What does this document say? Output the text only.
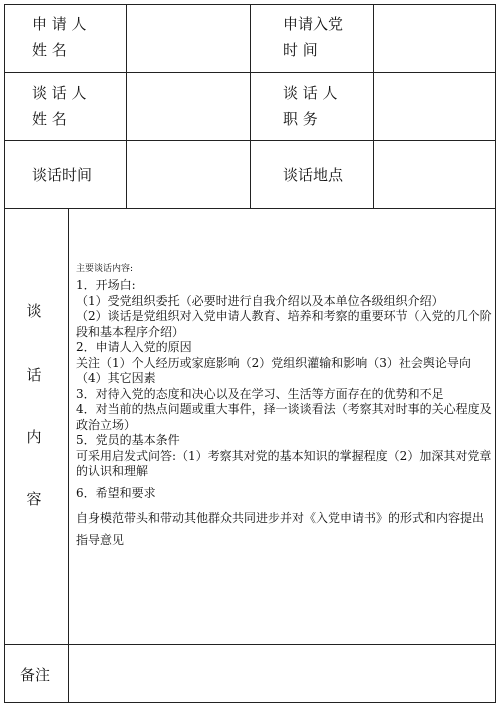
申 请 人
姓 名
申请入党
时 间
谈 话 人
姓 名
谈 话 人
职 务
谈话时间	谈话地点
谈
话
内
容
主要谈话内容:

1．开场白:

（1）受党组织委托（必要时进行自我介绍以及本单位各级组织介绍）

（2）谈话是党组织对入党申请人教育、培养和考察的重要环节（入党的几个阶段和基本程序介绍）

2．申请人入党的原因

关注（1）个人经历或家庭影响（2）党组织灌输和影响（3）社会舆论导向（4）其它因素

3．对待入党的态度和决心以及在学习、生活等方面存在的优势和不足

4．对当前的热点问题或重大事件，择一谈谈看法（考察其对时事的关心程度及政治立场）

5．党员的基本条件

可采用启发式问答:（1）考察其对党的基本知识的掌握程度（2）加深其对党章的认识和理解

6．希望和要求

自身模范带头和带动其他群众共同进步并对《入党申请书》的形式和内容提出指导意见

备注
